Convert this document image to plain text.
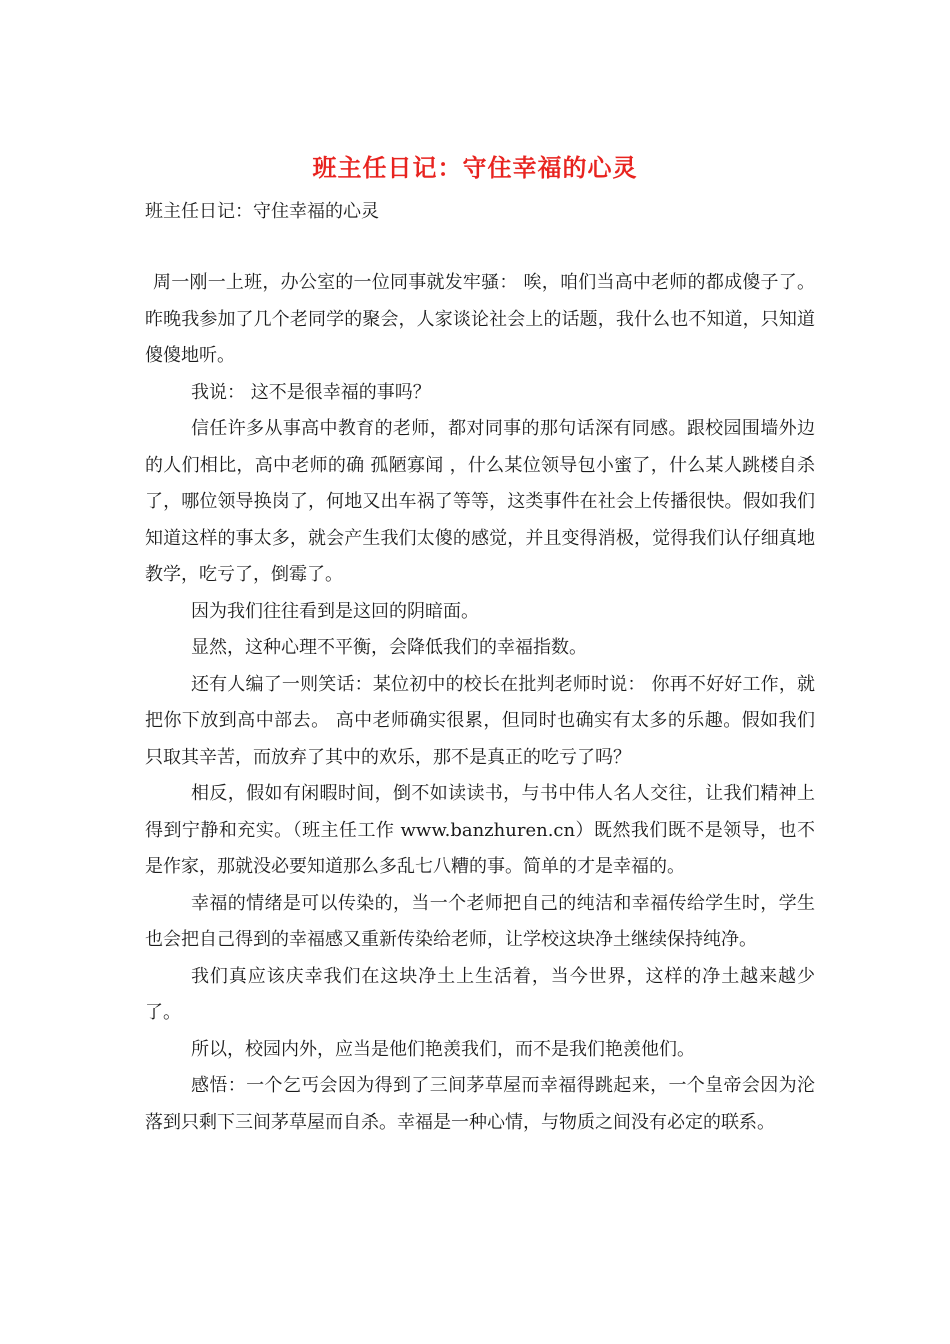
班主任日记：守住幸福的心灵
班主任日记：守住幸福的心灵

周一刚一上班，办公室的一位同事就发牢骚： 唉，咱们当高中老师的都成傻子了。昨晚我参加了几个老同学的聚会，人家谈论社会上的话题，我什么也不知道，只知道傻傻地听。

我说： 这不是很幸福的事吗？

信任许多从事高中教育的老师，都对同事的那句话深有同感。跟校园围墙外边的人们相比，高中老师的确 孤陋寡闻 ，什么某位领导包小蜜了，什么某人跳楼自杀了，哪位领导换岗了，何地又出车祸了等等，这类事件在社会上传播很快。假如我们知道这样的事太多，就会产生我们太傻的感觉，并且变得消极，觉得我们认仔细真地教学，吃亏了，倒霉了。

因为我们往往看到是这回的阴暗面。

显然，这种心理不平衡，会降低我们的幸福指数。

还有人编了一则笑话：某位初中的校长在批判老师时说： 你再不好好工作，就把你下放到高中部去。 高中老师确实很累，但同时也确实有太多的乐趣。假如我们只取其辛苦，而放弃了其中的欢乐，那不是真正的吃亏了吗？

相反，假如有闲暇时间，倒不如读读书，与书中伟人名人交往，让我们精神上得到宁静和充实。（班主任工作 www.banzhuren.cn）既然我们既不是领导，也不是作家，那就没必要知道那么多乱七八糟的事。简单的才是幸福的。

幸福的情绪是可以传染的，当一个老师把自己的纯洁和幸福传给学生时，学生也会把自己得到的幸福感又重新传染给老师，让学校这块净土继续保持纯净。

我们真应该庆幸我们在这块净土上生活着，当今世界，这样的净土越来越少了。

所以，校园内外，应当是他们艳羡我们，而不是我们艳羡他们。

感悟：一个乞丐会因为得到了三间茅草屋而幸福得跳起来，一个皇帝会因为沦落到只剩下三间茅草屋而自杀。幸福是一种心情，与物质之间没有必定的联系。
